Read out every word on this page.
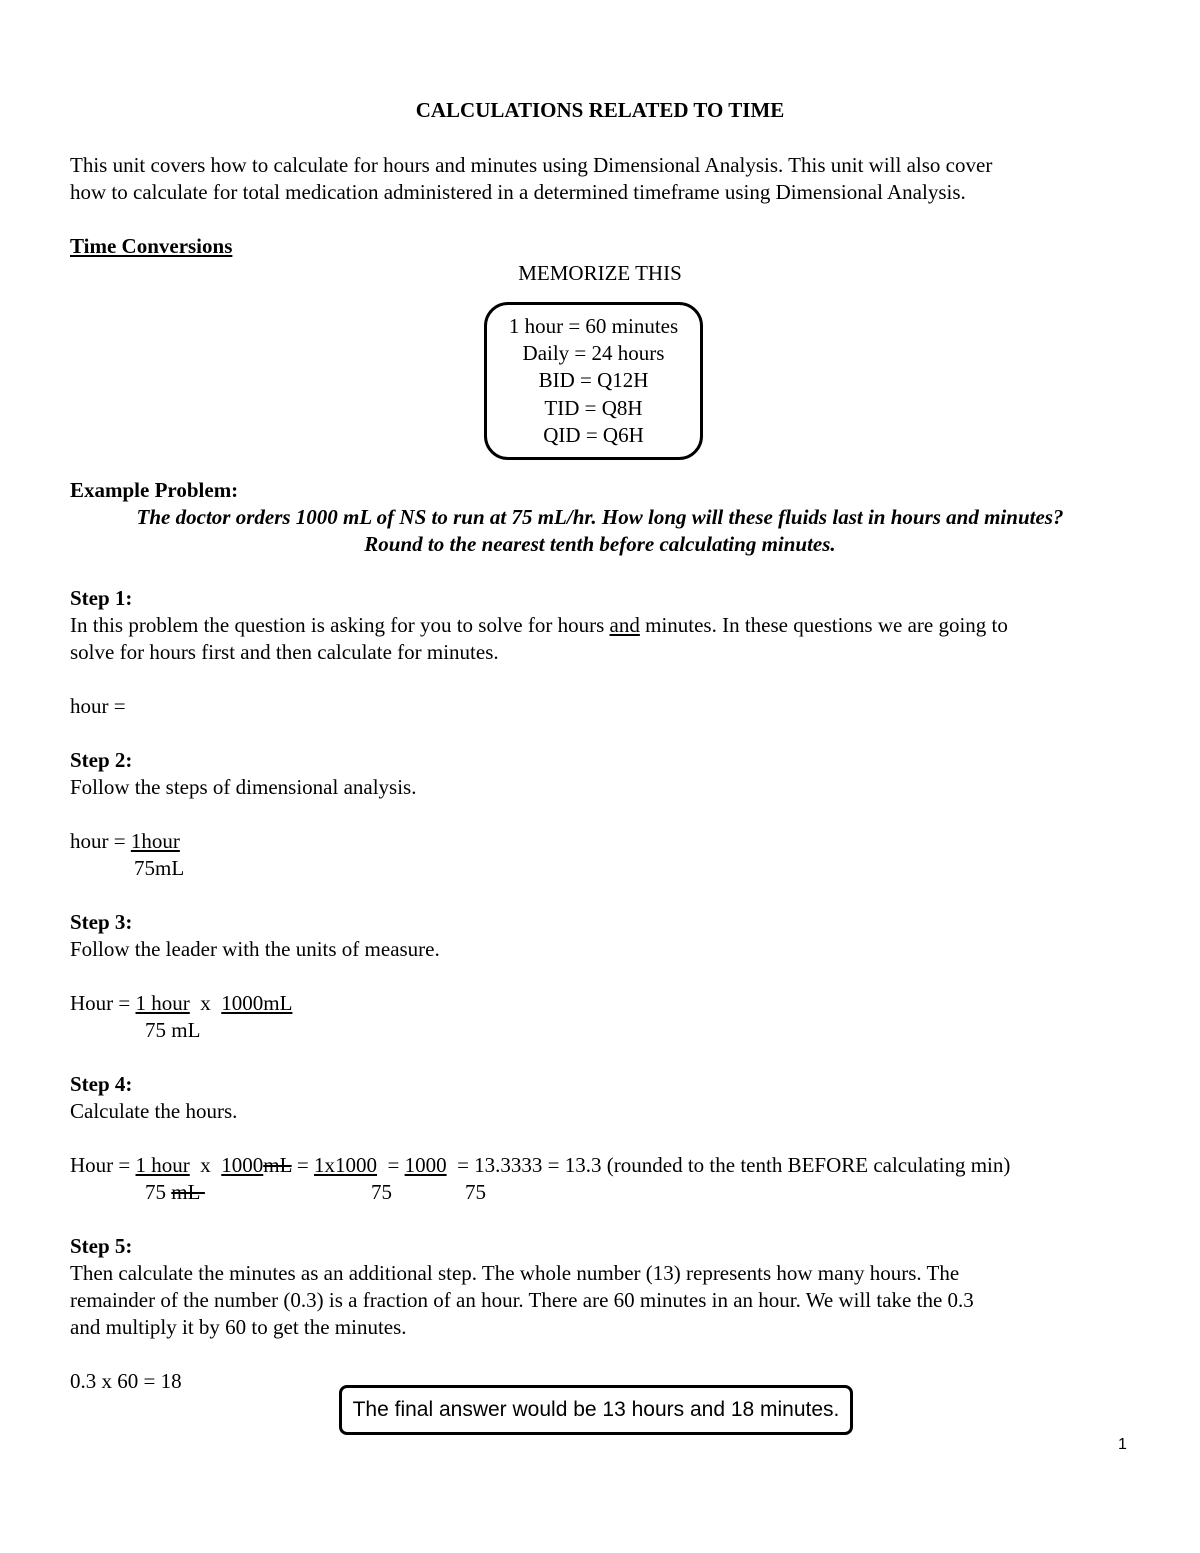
CALCULATIONS RELATED TO TIME
This unit covers how to calculate for hours and minutes using Dimensional Analysis. This unit will also cover
how to calculate for total medication administered in a determined timeframe using Dimensional Analysis.
Time Conversions
MEMORIZE THIS
1 hour = 60 minutes
Daily = 24 hours
BID = Q12H
TID = Q8H
QID = Q6H
Example Problem:
The doctor orders 1000 mL of NS to run at 75 mL/hr. How long will these fluids last in hours and minutes?
Round to the nearest tenth before calculating minutes.
Step 1:
In this problem the question is asking for you to solve for hours and minutes. In these questions we are going to
solve for hours first and then calculate for minutes.
hour =
Step 2:
Follow the steps of dimensional analysis.
hour = 1hour
75mL
Step 3:
Follow the leader with the units of measure.
Hour = 1 hour  x  1000mL
75 mL
Step 4:
Calculate the hours.
Hour = 1 hour  x  1000mL = 1x1000  = 1000  = 13.3333 = 13.3 (rounded to the tenth BEFORE calculating min)
75 mL	75	75
Step 5:
Then calculate the minutes as an additional step. The whole number (13) represents how many hours. The
remainder of the number (0.3) is a fraction of an hour. There are 60 minutes in an hour. We will take the 0.3
and multiply it by 60 to get the minutes.
0.3 x 60 = 18
The final answer would be 13 hours and 18 minutes.
1
